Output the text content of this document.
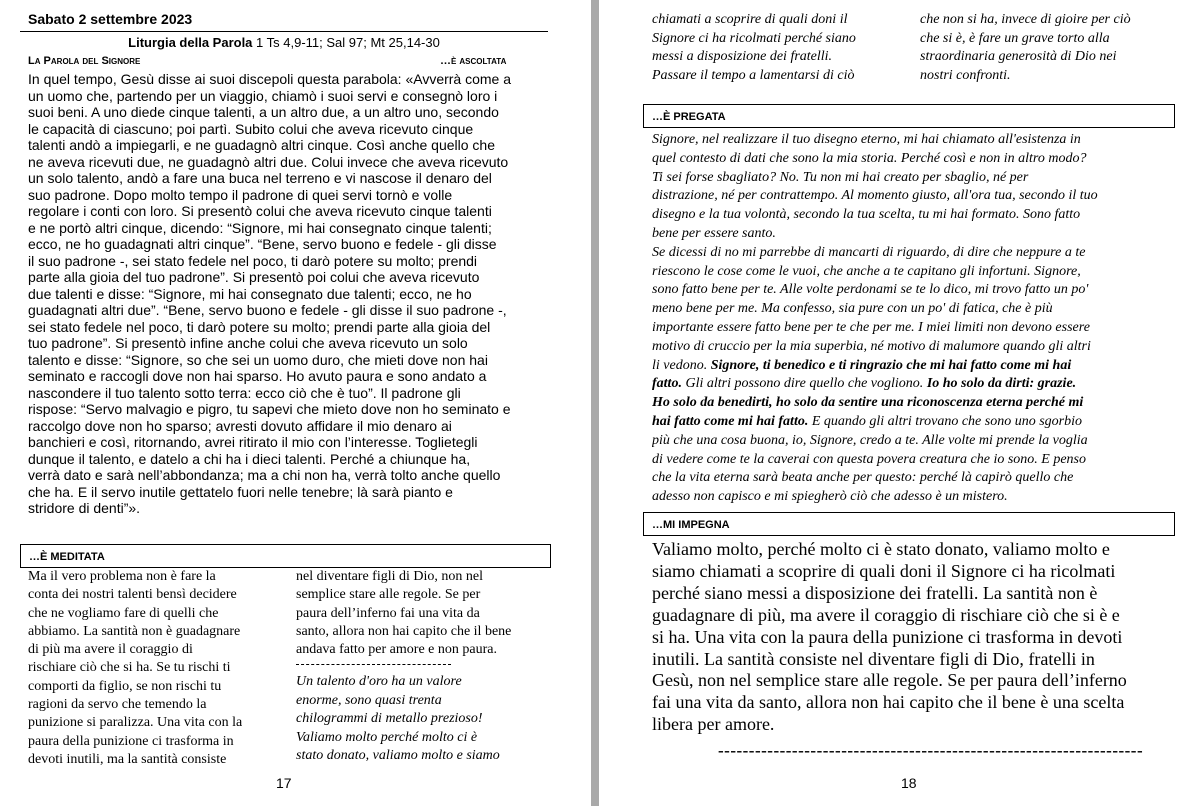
Sabato 2 settembre 2023
Liturgia della Parola 1 Ts 4,9-11; Sal 97; Mt 25,14-30
La Parola del Signore	…è ascoltata
In quel tempo, Gesù disse ai suoi discepoli questa parabola: «Avverrà come a
un uomo che, partendo per un viaggio, chiamò i suoi servi e consegnò loro i
suoi beni. A uno diede cinque talenti, a un altro due, a un altro uno, secondo
le capacità di ciascuno; poi partì. Subito colui che aveva ricevuto cinque
talenti andò a impiegarli, e ne guadagnò altri cinque. Così anche quello che
ne aveva ricevuti due, ne guadagnò altri due. Colui invece che aveva ricevuto
un solo talento, andò a fare una buca nel terreno e vi nascose il denaro del
suo padrone. Dopo molto tempo il padrone di quei servi tornò e volle
regolare i conti con loro. Si presentò colui che aveva ricevuto cinque talenti
e ne portò altri cinque, dicendo: “Signore, mi hai consegnato cinque talenti;
ecco, ne ho guadagnati altri cinque”. “Bene, servo buono e fedele - gli disse
il suo padrone -, sei stato fedele nel poco, ti darò potere su molto; prendi
parte alla gioia del tuo padrone”. Si presentò poi colui che aveva ricevuto
due talenti e disse: “Signore, mi hai consegnato due talenti; ecco, ne ho
guadagnati altri due”. “Bene, servo buono e fedele - gli disse il suo padrone -,
sei stato fedele nel poco, ti darò potere su molto; prendi parte alla gioia del
tuo padrone”. Si presentò infine anche colui che aveva ricevuto un solo
talento e disse: “Signore, so che sei un uomo duro, che mieti dove non hai
seminato e raccogli dove non hai sparso. Ho avuto paura e sono andato a
nascondere il tuo talento sotto terra: ecco ciò che è tuo”. Il padrone gli
rispose: “Servo malvagio e pigro, tu sapevi che mieto dove non ho seminato e
raccolgo dove non ho sparso; avresti dovuto affidare il mio denaro ai
banchieri e così, ritornando, avrei ritirato il mio con l’interesse. Toglietegli
dunque il talento, e datelo a chi ha i dieci talenti. Perché a chiunque ha,
verrà dato e sarà nell’abbondanza; ma a chi non ha, verrà tolto anche quello
che ha. E il servo inutile gettatelo fuori nelle tenebre; là sarà pianto e
stridore di denti”».
…È MEDITATA
Ma il vero problema non è fare la
conta dei nostri talenti bensì decidere
che ne vogliamo fare di quelli che
abbiamo. La santità non è guadagnare
di più ma avere il coraggio di
rischiare ciò che si ha. Se tu rischi ti
comporti da figlio, se non rischi tu
ragioni da servo che temendo la
punizione si paralizza. Una vita con la
paura della punizione ci trasforma in
devoti inutili, ma la santità consiste
nel diventare figli di Dio, non nel
semplice stare alle regole. Se per
paura dell’inferno fai una vita da
santo, allora non hai capito che il bene
andava fatto per amore e non paura.
Un talento d'oro ha un valore
enorme, sono quasi trenta
chilogrammi di metallo prezioso!
Valiamo molto perché molto ci è
stato donato, valiamo molto e siamo
17	18
chiamati a scoprire di quali doni il
Signore ci ha ricolmati perché siano
messi a disposizione dei fratelli.
Passare il tempo a lamentarsi di ciò
che non si ha, invece di gioire per ciò
che si è, è fare un grave torto alla
straordinaria generosità di Dio nei
nostri confronti.
…È PREGATA
Signore, nel realizzare il tuo disegno eterno, mi hai chiamato all'esistenza in
quel contesto di dati che sono la mia storia. Perché così e non in altro modo?
Ti sei forse sbagliato? No. Tu non mi hai creato per sbaglio, né per
distrazione, né per contrattempo. Al momento giusto, all'ora tua, secondo il tuo
disegno e la tua volontà, secondo la tua scelta, tu mi hai formato. Sono fatto
bene per essere santo.
Se dicessi di no mi parrebbe di mancarti di riguardo, di dire che neppure a te
riescono le cose come le vuoi, che anche a te capitano gli infortuni. Signore,
sono fatto bene per te. Alle volte perdonami se te lo dico, mi trovo fatto un po'
meno bene per me. Ma confesso, sia pure con un po' di fatica, che è più
importante essere fatto bene per te che per me. I miei limiti non devono essere
motivo di cruccio per la mia superbia, né motivo di malumore quando gli altri
li vedono. Signore, ti benedico e ti ringrazio che mi hai fatto come mi hai
fatto. Gli altri possono dire quello che vogliono. Io ho solo da dirti: grazie.
Ho solo da benedirti, ho solo da sentire una riconoscenza eterna perché mi
hai fatto come mi hai fatto. E quando gli altri trovano che sono uno sgorbio
più che una cosa buona, io, Signore, credo a te. Alle volte mi prende la voglia
di vedere come te la caverai con questa povera creatura che io sono. E penso
che la vita eterna sarà beata anche per questo: perché là capirò quello che
adesso non capisco e mi spiegherò ciò che adesso è un mistero.
…MI IMPEGNA
Valiamo molto, perché molto ci è stato donato, valiamo molto e
siamo chiamati a scoprire di quali doni il Signore ci ha ricolmati
perché siano messi a disposizione dei fratelli. La santità non è
guadagnare di più, ma avere il coraggio di rischiare ciò che si è e
si ha. Una vita con la paura della punizione ci trasforma in devoti
inutili. La santità consiste nel diventare figli di Dio, fratelli in
Gesù, non nel semplice stare alle regole. Se per paura dell’inferno
fai una vita da santo, allora non hai capito che il bene è una scelta
libera per amore.
---------------------------------------------------------------------
